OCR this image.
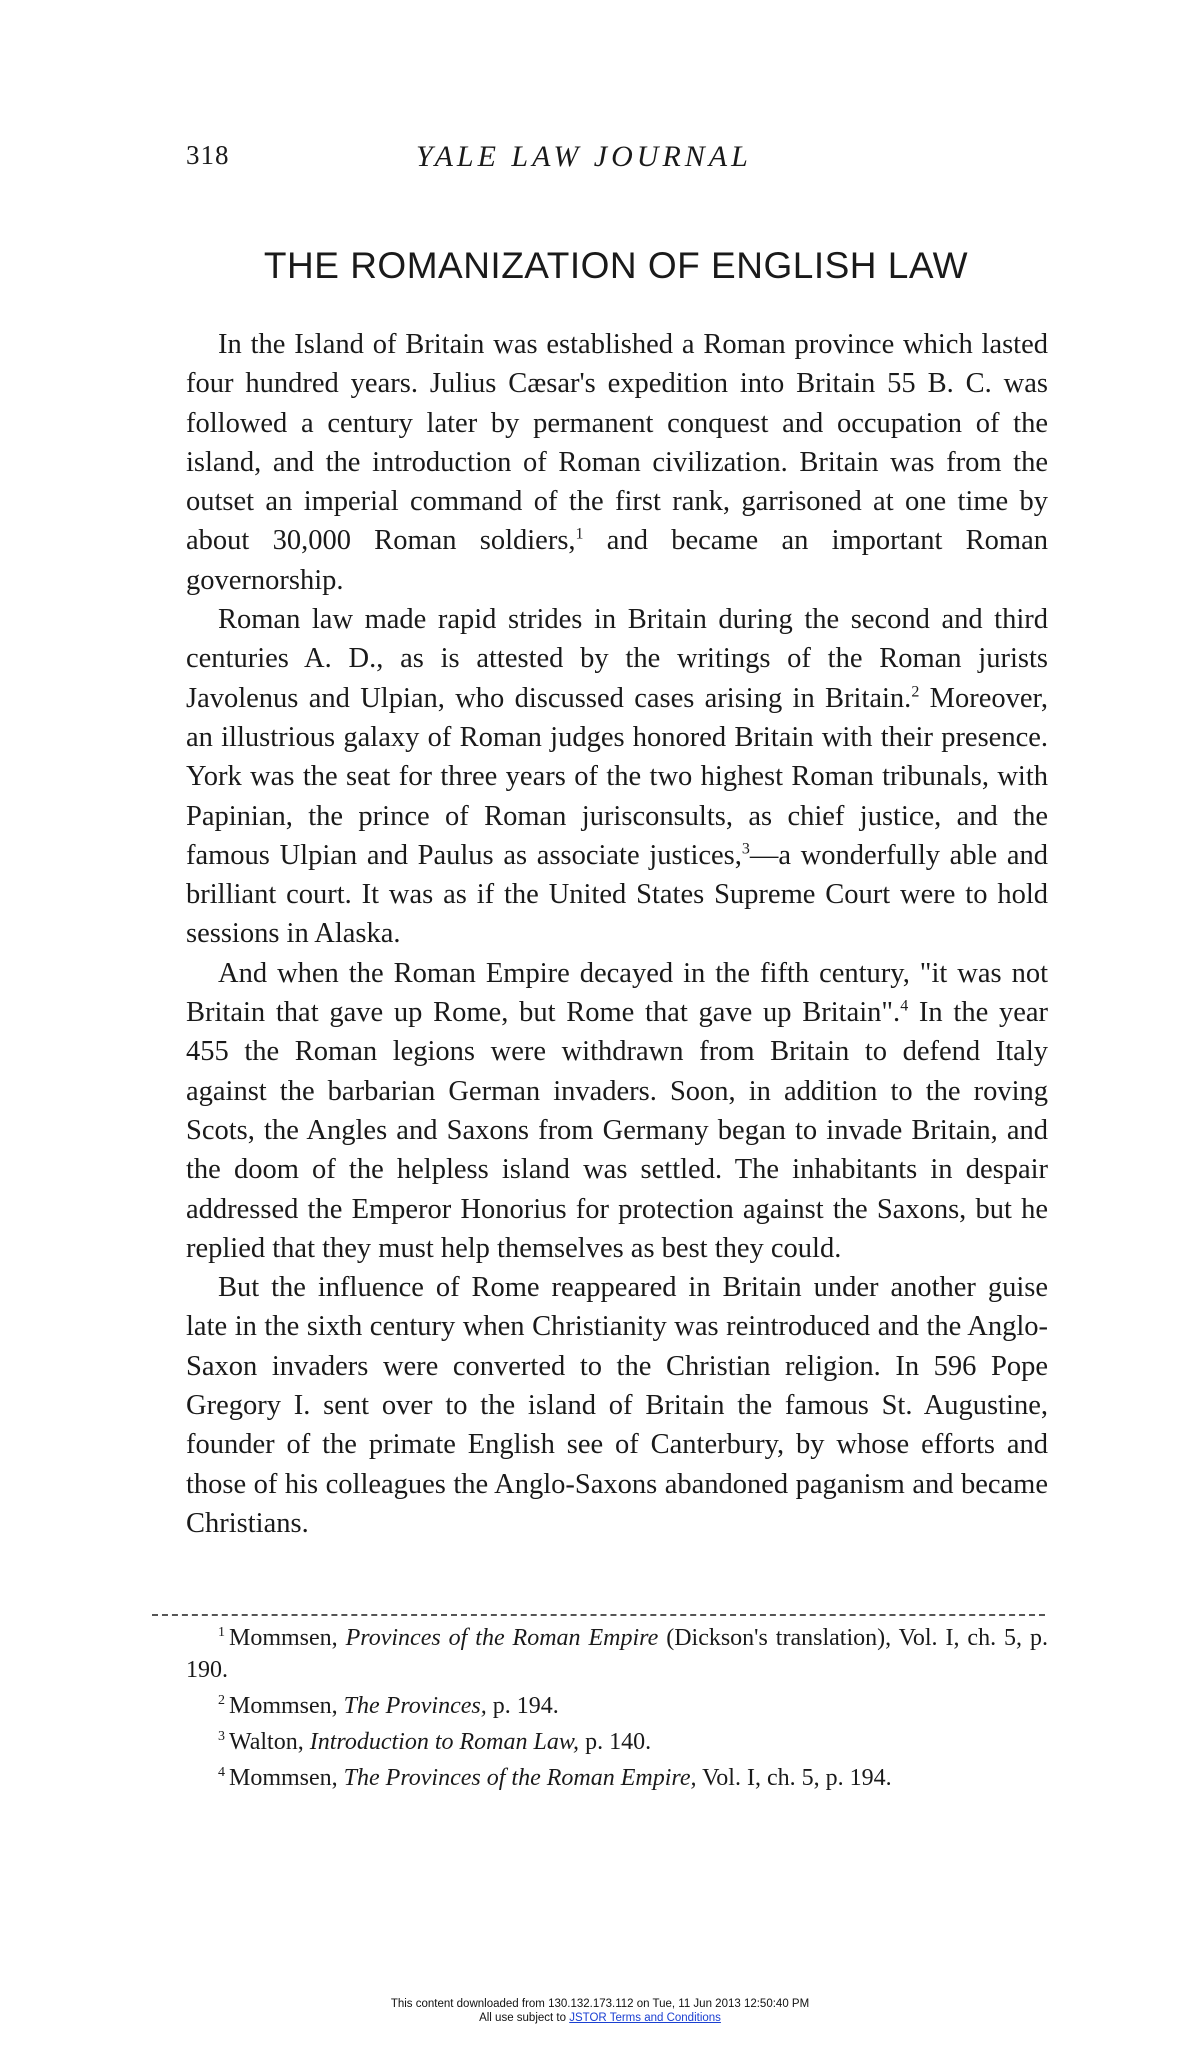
318	YALE LAW JOURNAL
THE ROMANIZATION OF ENGLISH LAW

In the Island of Britain was established a Roman province which lasted four hundred years. Julius Cæsar's expedition into Britain 55 B. C. was followed a century later by permanent conquest and occupation of the island, and the introduction of Roman civilization. Britain was from the outset an imperial command of the first rank, garrisoned at one time by about 30,000 Roman soldiers,$^1$ and became an important Roman governorship.

Roman law made rapid strides in Britain during the second and third centuries A. D., as is attested by the writings of the Roman jurists Javolenus and Ulpian, who discussed cases arising in Britain.$^2$ Moreover, an illustrious galaxy of Roman judges honored Britain with their presence. York was the seat for three years of the two highest Roman tribunals, with Papinian, the prince of Roman jurisconsults, as chief justice, and the famous Ulpian and Paulus as associate justices,$^3$—a wonderfully able and brilliant court. It was as if the United States Supreme Court were to hold sessions in Alaska.

And when the Roman Empire decayed in the fifth century, "it was not Britain that gave up Rome, but Rome that gave up Britain".$^4$ In the year 455 the Roman legions were withdrawn from Britain to defend Italy against the barbarian German invaders. Soon, in addition to the roving Scots, the Angles and Saxons from Germany began to invade Britain, and the doom of the helpless island was settled. The inhabitants in despair addressed the Emperor Honorius for protection against the Saxons, but he replied that they must help themselves as best they could.

But the influence of Rome reappeared in Britain under another guise late in the sixth century when Christianity was reintroduced and the Anglo-Saxon invaders were converted to the Christian religion. In 596 Pope Gregory I. sent over to the island of Britain the famous St. Augustine, founder of the primate English see of Canterbury, by whose efforts and those of his colleagues the Anglo-Saxons abandoned paganism and became Christians.

$^1$ Mommsen, Provinces of the Roman Empire (Dickson's translation), Vol. I, ch. 5, p. 190.

$^2$ Mommsen, The Provinces, p. 194.

$^3$ Walton, Introduction to Roman Law, p. 140.

$^4$ Mommsen, The Provinces of the Roman Empire, Vol. I, ch. 5, p. 194.

This content downloaded from 130.132.173.112 on Tue, 11 Jun 2013 12:50:40 PM
All use subject to JSTOR Terms and Conditions
